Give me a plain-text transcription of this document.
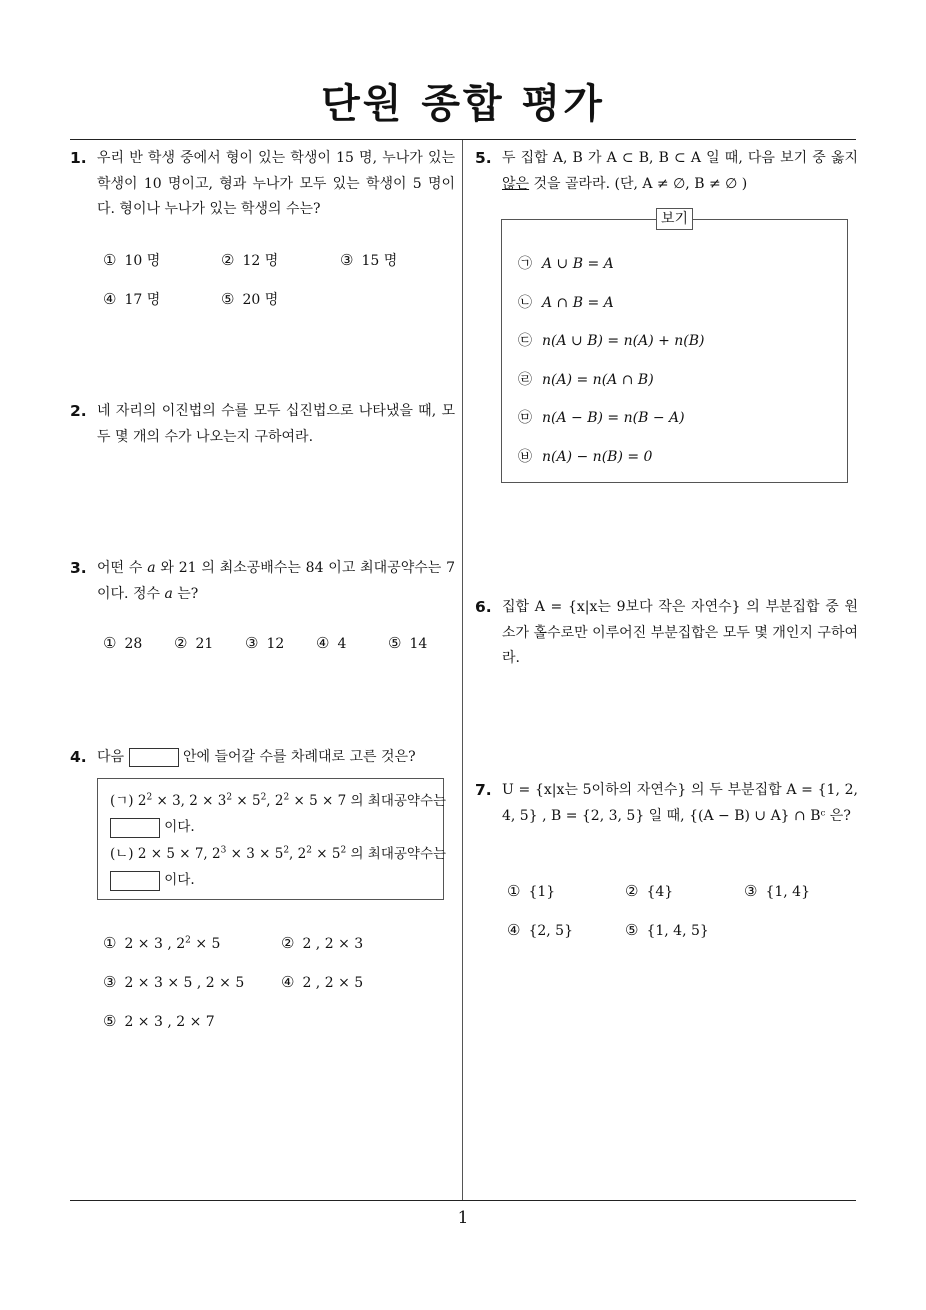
단원 종합 평가
1
1. 우리 반 학생 중에서 형이 있는 학생이 15 명, 누나가 있는 학생이 10 명이고, 형과 누나가 모두 있는 학생이 5 명이다. 형이나 누나가 있는 학생의 수는?
① 10 명	② 12 명	③ 15 명
④ 17 명	⑤ 20 명
2. 네 자리의 이진법의 수를 모두 십진법으로 나타냈을 때, 모두 몇 개의 수가 나오는지 구하여라.
3. 어떤 수 a 와 21 의 최소공배수는 84 이고 최대공약수는 7 이다. 정수 a 는?
① 28 ② 21 ③ 12 ④ 4	⑤ 14
4. 다음	안에 들어갈 수를 차례대로 고른 것은?
(ㄱ) $2^2 \times 3$, $2 \times 3^2 \times 5^2$, $2^2 \times 5 \times 7$ 의 최대공약수는
이다.
(ㄴ) 2 × 5 × 7, $2^3 \times 3 \times 5^2$, $2^2 \times 5^2$ 의 최대공약수는
이다.
① 2 × 3 , $2^2 \times 5$	② 2 , 2 × 3
③ 2 × 3 × 5 , 2 × 5 ④ 2 , 2 × 5
⑤ 2 × 3 , 2 × 7
5. 두 집합 A, B 가 A ⊂ B, B ⊂ A 일 때, 다음 보기 중 옳지 않은 것을 골라라. (단, A ≠ ∅, B ≠ ∅ )
보기
㉠ A ∪ B = A
㉡ A ∩ B = A
㉢ n(A ∪ B) = n(A) + n(B)
㉣ n(A) = n(A ∩ B)
㉤ n(A − B) = n(B − A)
㉥ n(A) − n(B) = 0
6. 집합 A = {x|x는 9보다 작은 자연수} 의 부분집합 중 원소가 홀수로만 이루어진 부분집합은 모두 몇 개인지 구하여라.
7. U = {x|x는 5이하의 자연수} 의 두 부분집합 A = {1, 2, 4, 5} , B = {2, 3, 5} 일 때, {(A − B) ∪ A} ∩ Bᶜ 은?
① {1}	② {4}	③ {1, 4}
④ {2, 5}	⑤ {1, 4, 5}
